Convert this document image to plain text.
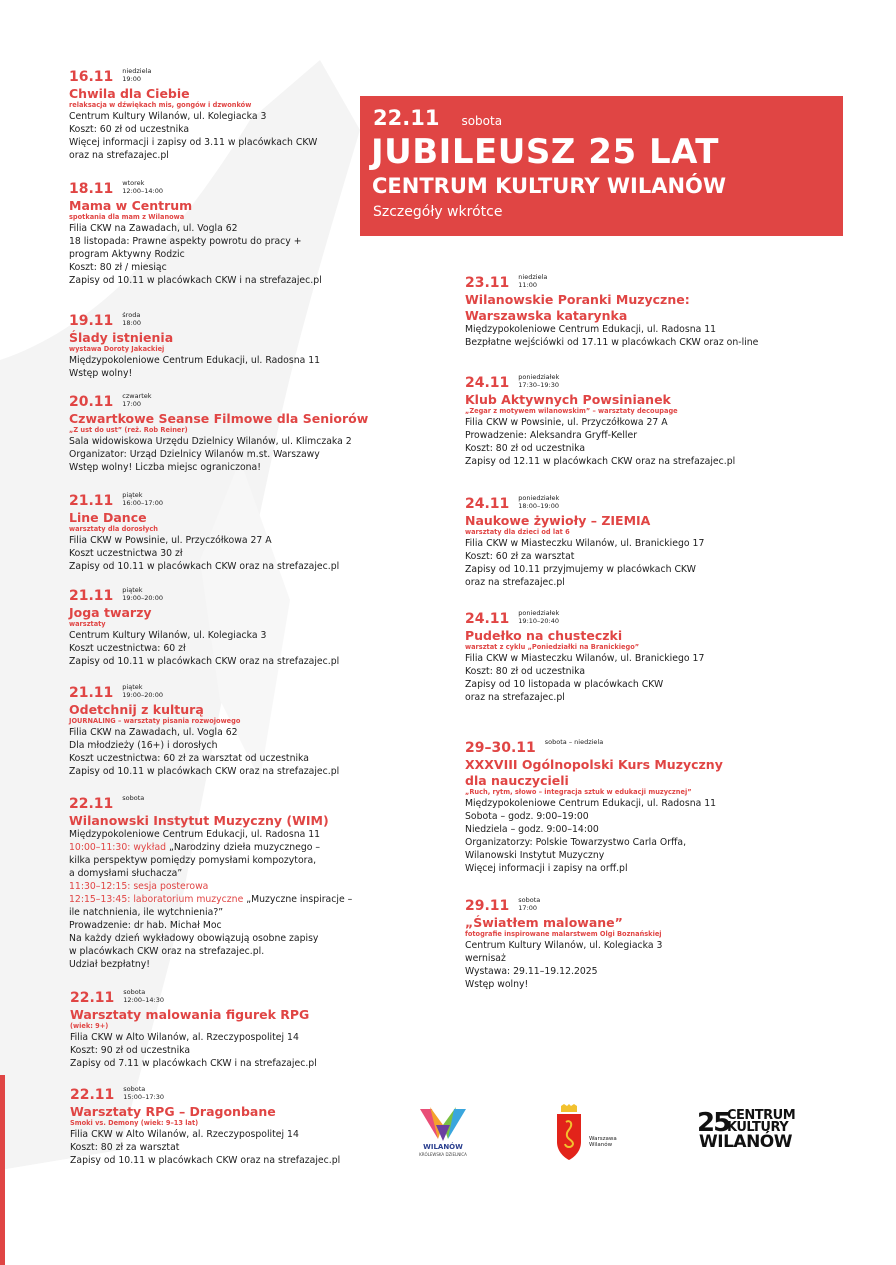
22.11 sobota
JUBILEUSZ 25 LAT
CENTRUM KULTURY WILANÓW
Szczegóły wkrótce
16.11 niedziela
19:00
Chwila dla Ciebie
relaksacja w dźwiękach mis, gongów i dzwonków
Centrum Kultury Wilanów, ul. Kolegiacka 3
Koszt: 60 zł od uczestnika
Więcej informacji i zapisy od 3.11 w placówkach CKW
oraz na strefazajec.pl
18.11 wtorek
12:00–14:00
Mama w Centrum
spotkania dla mam z Wilanowa
Filia CKW na Zawadach, ul. Vogla 62
18 listopada: Prawne aspekty powrotu do pracy +
program Aktywny Rodzic
Koszt: 80 zł / miesiąc
Zapisy od 10.11 w placówkach CKW i na strefazajec.pl
19.11 środa
18:00
Ślady istnienia
wystawa Doroty Jakackiej
Międzypokoleniowe Centrum Edukacji, ul. Radosna 11
Wstęp wolny!
20.11 czwartek
17:00
Czwartkowe Seanse Filmowe dla Seniorów
„Z ust do ust” (reż. Rob Reiner)
Sala widowiskowa Urzędu Dzielnicy Wilanów, ul. Klimczaka 2
Organizator: Urząd Dzielnicy Wilanów m.st. Warszawy
Wstęp wolny! Liczba miejsc ograniczona!
21.11 piątek
16:00–17:00
Line Dance
warsztaty dla dorosłych
Filia CKW w Powsinie, ul. Przyczółkowa 27 A
Koszt uczestnictwa 30 zł
Zapisy od 10.11 w placówkach CKW oraz na strefazajec.pl
21.11 piątek
19:00–20:00
Joga twarzy
warsztaty
Centrum Kultury Wilanów, ul. Kolegiacka 3
Koszt uczestnictwa: 60 zł
Zapisy od 10.11 w placówkach CKW oraz na strefazajec.pl
21.11 piątek
19:00–20:00
Odetchnij z kulturą
JOURNALING – warsztaty pisania rozwojowego
Filia CKW na Zawadach, ul. Vogla 62
Dla młodzieży (16+) i dorosłych
Koszt uczestnictwa: 60 zł za warsztat od uczestnika
Zapisy od 10.11 w placówkach CKW oraz na strefazajec.pl
22.11 sobota
Wilanowski Instytut Muzyczny (WIM)
Międzypokoleniowe Centrum Edukacji, ul. Radosna 11
10:00–11:30: wykład „Narodziny dzieła muzycznego –
kilka perspektyw pomiędzy pomysłami kompozytora,
a domysłami słuchacza”
11:30–12:15: sesja posterowa
12:15–13:45: laboratorium muzyczne „Muzyczne inspiracje –
ile natchnienia, ile wytchnienia?”
Prowadzenie: dr hab. Michał Moc
Na każdy dzień wykładowy obowiązują osobne zapisy
w placówkach CKW oraz na strefazajec.pl.
Udział bezpłatny!
22.11 sobota
12:00–14:30
Warsztaty malowania figurek RPG
(wiek: 9+)
Filia CKW w Alto Wilanów, al. Rzeczypospolitej 14
Koszt: 90 zł od uczestnika
Zapisy od 7.11 w placówkach CKW i na strefazajec.pl
22.11 sobota
15:00–17:30
Warsztaty RPG – Dragonbane
Smoki vs. Demony (wiek: 9–13 lat)
Filia CKW w Alto Wilanów, al. Rzeczypospolitej 14
Koszt: 80 zł za warsztat
Zapisy od 10.11 w placówkach CKW oraz na strefazajec.pl
23.11 niedziela
11:00
Wilanowskie Poranki Muzyczne:
Warszawska katarynka
Międzypokoleniowe Centrum Edukacji, ul. Radosna 11
Bezpłatne wejściówki od 17.11 w placówkach CKW oraz on-line
24.11 poniedziałek
17:30–19:30
Klub Aktywnych Powsinianek
„Zegar z motywem wilanowskim” – warsztaty decoupage
Filia CKW w Powsinie, ul. Przyczółkowa 27 A
Prowadzenie: Aleksandra Gryff-Keller
Koszt: 80 zł od uczestnika
Zapisy od 12.11 w placówkach CKW oraz na strefazajec.pl
24.11 poniedziałek
18:00–19:00
Naukowe żywioły – ZIEMIA
warsztaty dla dzieci od lat 6
Filia CKW w Miasteczku Wilanów, ul. Branickiego 17
Koszt: 60 zł za warsztat
Zapisy od 10.11 przyjmujemy w placówkach CKW
oraz na strefazajec.pl
24.11 poniedziałek
19:10–20:40
Pudełko na chusteczki
warsztat z cyklu „Poniedziałki na Branickiego”
Filia CKW w Miasteczku Wilanów, ul. Branickiego 17
Koszt: 80 zł od uczestnika
Zapisy od 10 listopada w placówkach CKW
oraz na strefazajec.pl
29–30.11 sobota – niedziela
XXXVIII Ogólnopolski Kurs Muzyczny
dla nauczycieli
„Ruch, rytm, słowo – integracja sztuk w edukacji muzycznej”
Międzypokoleniowe Centrum Edukacji, ul. Radosna 11
Sobota – godz. 9:00–19:00
Niedziela – godz. 9:00–14:00
Organizatorzy: Polskie Towarzystwo Carla Orffa,
Wilanowski Instytut Muzyczny
Więcej informacji i zapisy na orff.pl
29.11 sobota
17:00
„Światłem malowane”
fotografie inspirowane malarstwem Olgi Boznańskiej
Centrum Kultury Wilanów, ul. Kolegiacka 3
wernisaż
Wystawa: 29.11–19.12.2025
Wstęp wolny!
WILANÓW
KRÓLEWSKA DZIELNICA
Warszawa
Wilanów
25
CENTRUM
KULTURY
WILANÓW
